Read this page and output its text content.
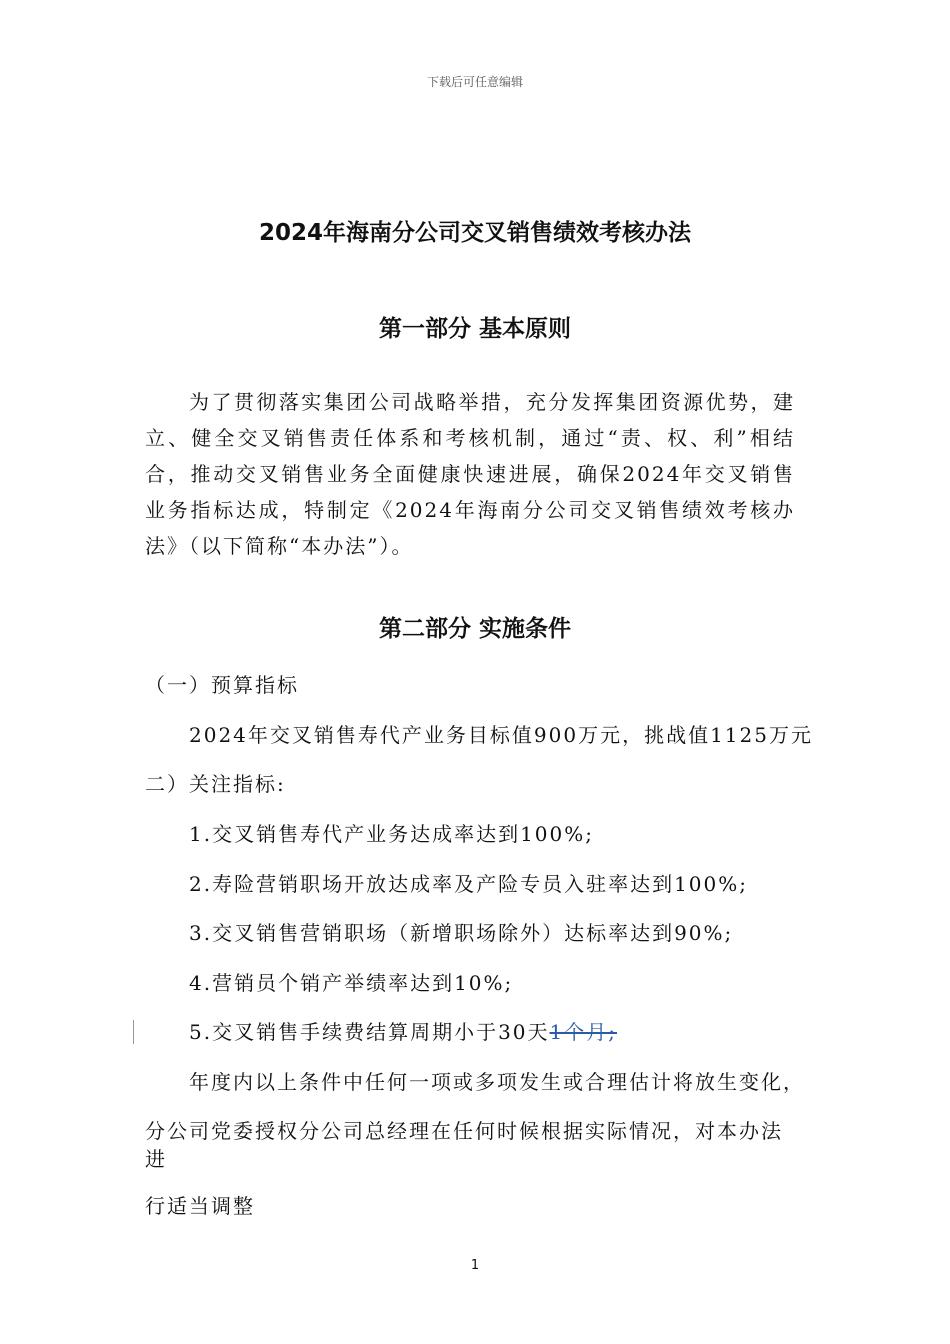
下载后可任意编辑
2024年海南分公司交叉销售绩效考核办法
第一部分 基本原则

为了贯彻落实集团公司战略举措，充分发挥集团资源优势，建立、健全交叉销售责任体系和考核机制，通过“责、权、利”相结合，推动交叉销售业务全面健康快速进展，确保2024年交叉销售业务指标达成，特制定《2024年海南分公司交叉销售绩效考核办法》（以下简称“本办法”）。

第二部分 实施条件
（一）预算指标
2024年交叉销售寿代产业务目标值900万元，挑战值1125万元
二）关注指标:
1.交叉销售寿代产业务达成率达到100%;
2.寿险营销职场开放达成率及产险专员入驻率达到100%;
3.交叉销售营销职场（新增职场除外）达标率达到90%;
4.营销员个销产举绩率达到10%;
5.交叉销售手续费结算周期小于30天1个月;
年度内以上条件中任何一项或多项发生或合理估计将放生变化，
分公司党委授权分公司总经理在任何时候根据实际情况，对本办法进
行适当调整
1
